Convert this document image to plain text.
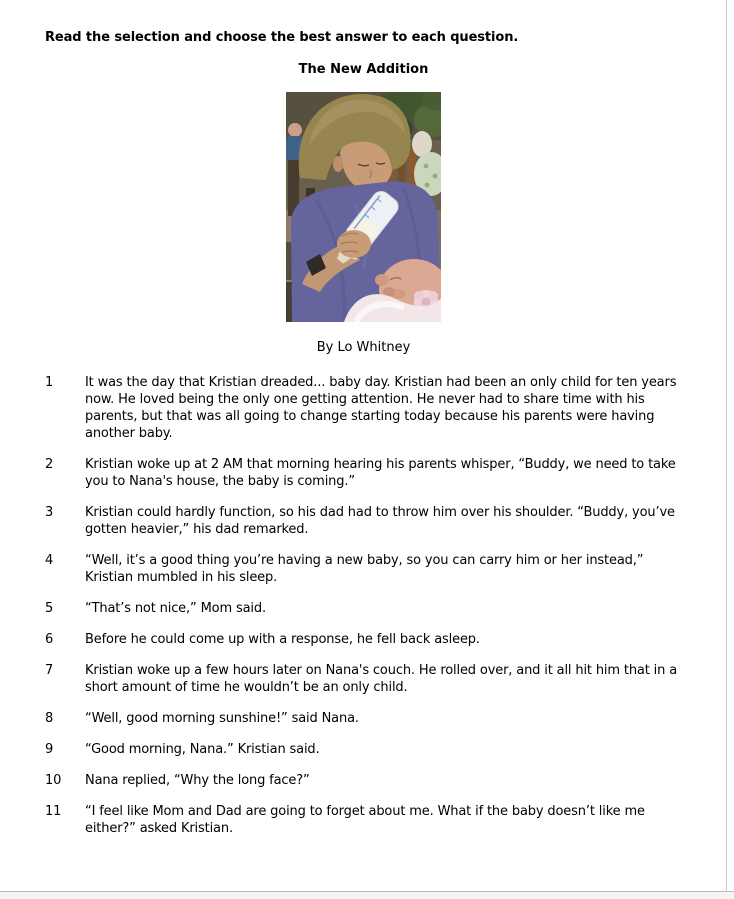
Read the selection and choose the best answer to each question.
The New Addition
By Lo Whitney
1	It was the day that Kristian dreaded... baby day. Kristian had been an only child for ten years now. He loved being the only one getting attention. He never had to share time with his parents, but that was all going to change starting today because his parents were having another baby.
2	Kristian woke up at 2 AM that morning hearing his parents whisper, “Buddy, we need to take you to Nana's house, the baby is coming.”
3	Kristian could hardly function, so his dad had to throw him over his shoulder. “Buddy, you’ve gotten heavier,” his dad remarked.
4	“Well, it’s a good thing you’re having a new baby, so you can carry him or her instead,” Kristian mumbled in his sleep.
5	“That’s not nice,” Mom said.
6	Before he could come up with a response, he fell back asleep.
7	Kristian woke up a few hours later on Nana's couch. He rolled over, and it all hit him that in a short amount of time he wouldn’t be an only child.
8	“Well, good morning sunshine!” said Nana.
9	“Good morning, Nana.” Kristian said.
10	Nana replied, “Why the long face?”
11	“I feel like Mom and Dad are going to forget about me. What if the baby doesn’t like me either?” asked Kristian.
